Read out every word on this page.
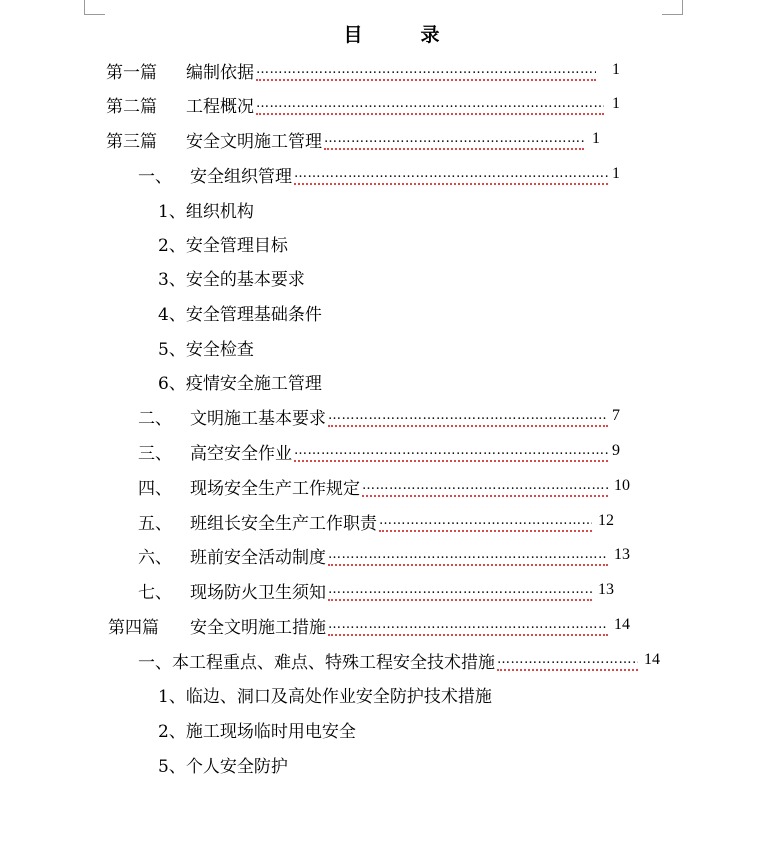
目录
第一篇 编制依据 ………………………………………………………………………………………………………	1
第二篇 工程概况 ………………………………………………………………………………………………………	1
第三篇 安全文明施工管理 ………………………………………………………………………………………………………	1
一、 安全组织管理 ………………………………………………………………………………………………………	1
1、组织机构
2、安全管理目标
3、安全的基本要求
4、安全管理基础条件
5、安全检查
6、疫情安全施工管理
二、 文明施工基本要求 ………………………………………………………………………………………………………	7
三、 高空安全作业 ………………………………………………………………………………………………………	9
四、 现场安全生产工作规定 ………………………………………………………………………………………………………	10
五、 班组长安全生产工作职责 ………………………………………………………………………………………………………	12
六、 班前安全活动制度 ………………………………………………………………………………………………………	13
七、 现场防火卫生须知 ………………………………………………………………………………………………………	13
第四篇 安全文明施工措施 ………………………………………………………………………………………………………	14
一、本工程重点、难点、特殊工程安全技术措施 ………………………………………………………………………………………………………	14
1、临边、洞口及高处作业安全防护技术措施
2、施工现场临时用电安全
5、个人安全防护
